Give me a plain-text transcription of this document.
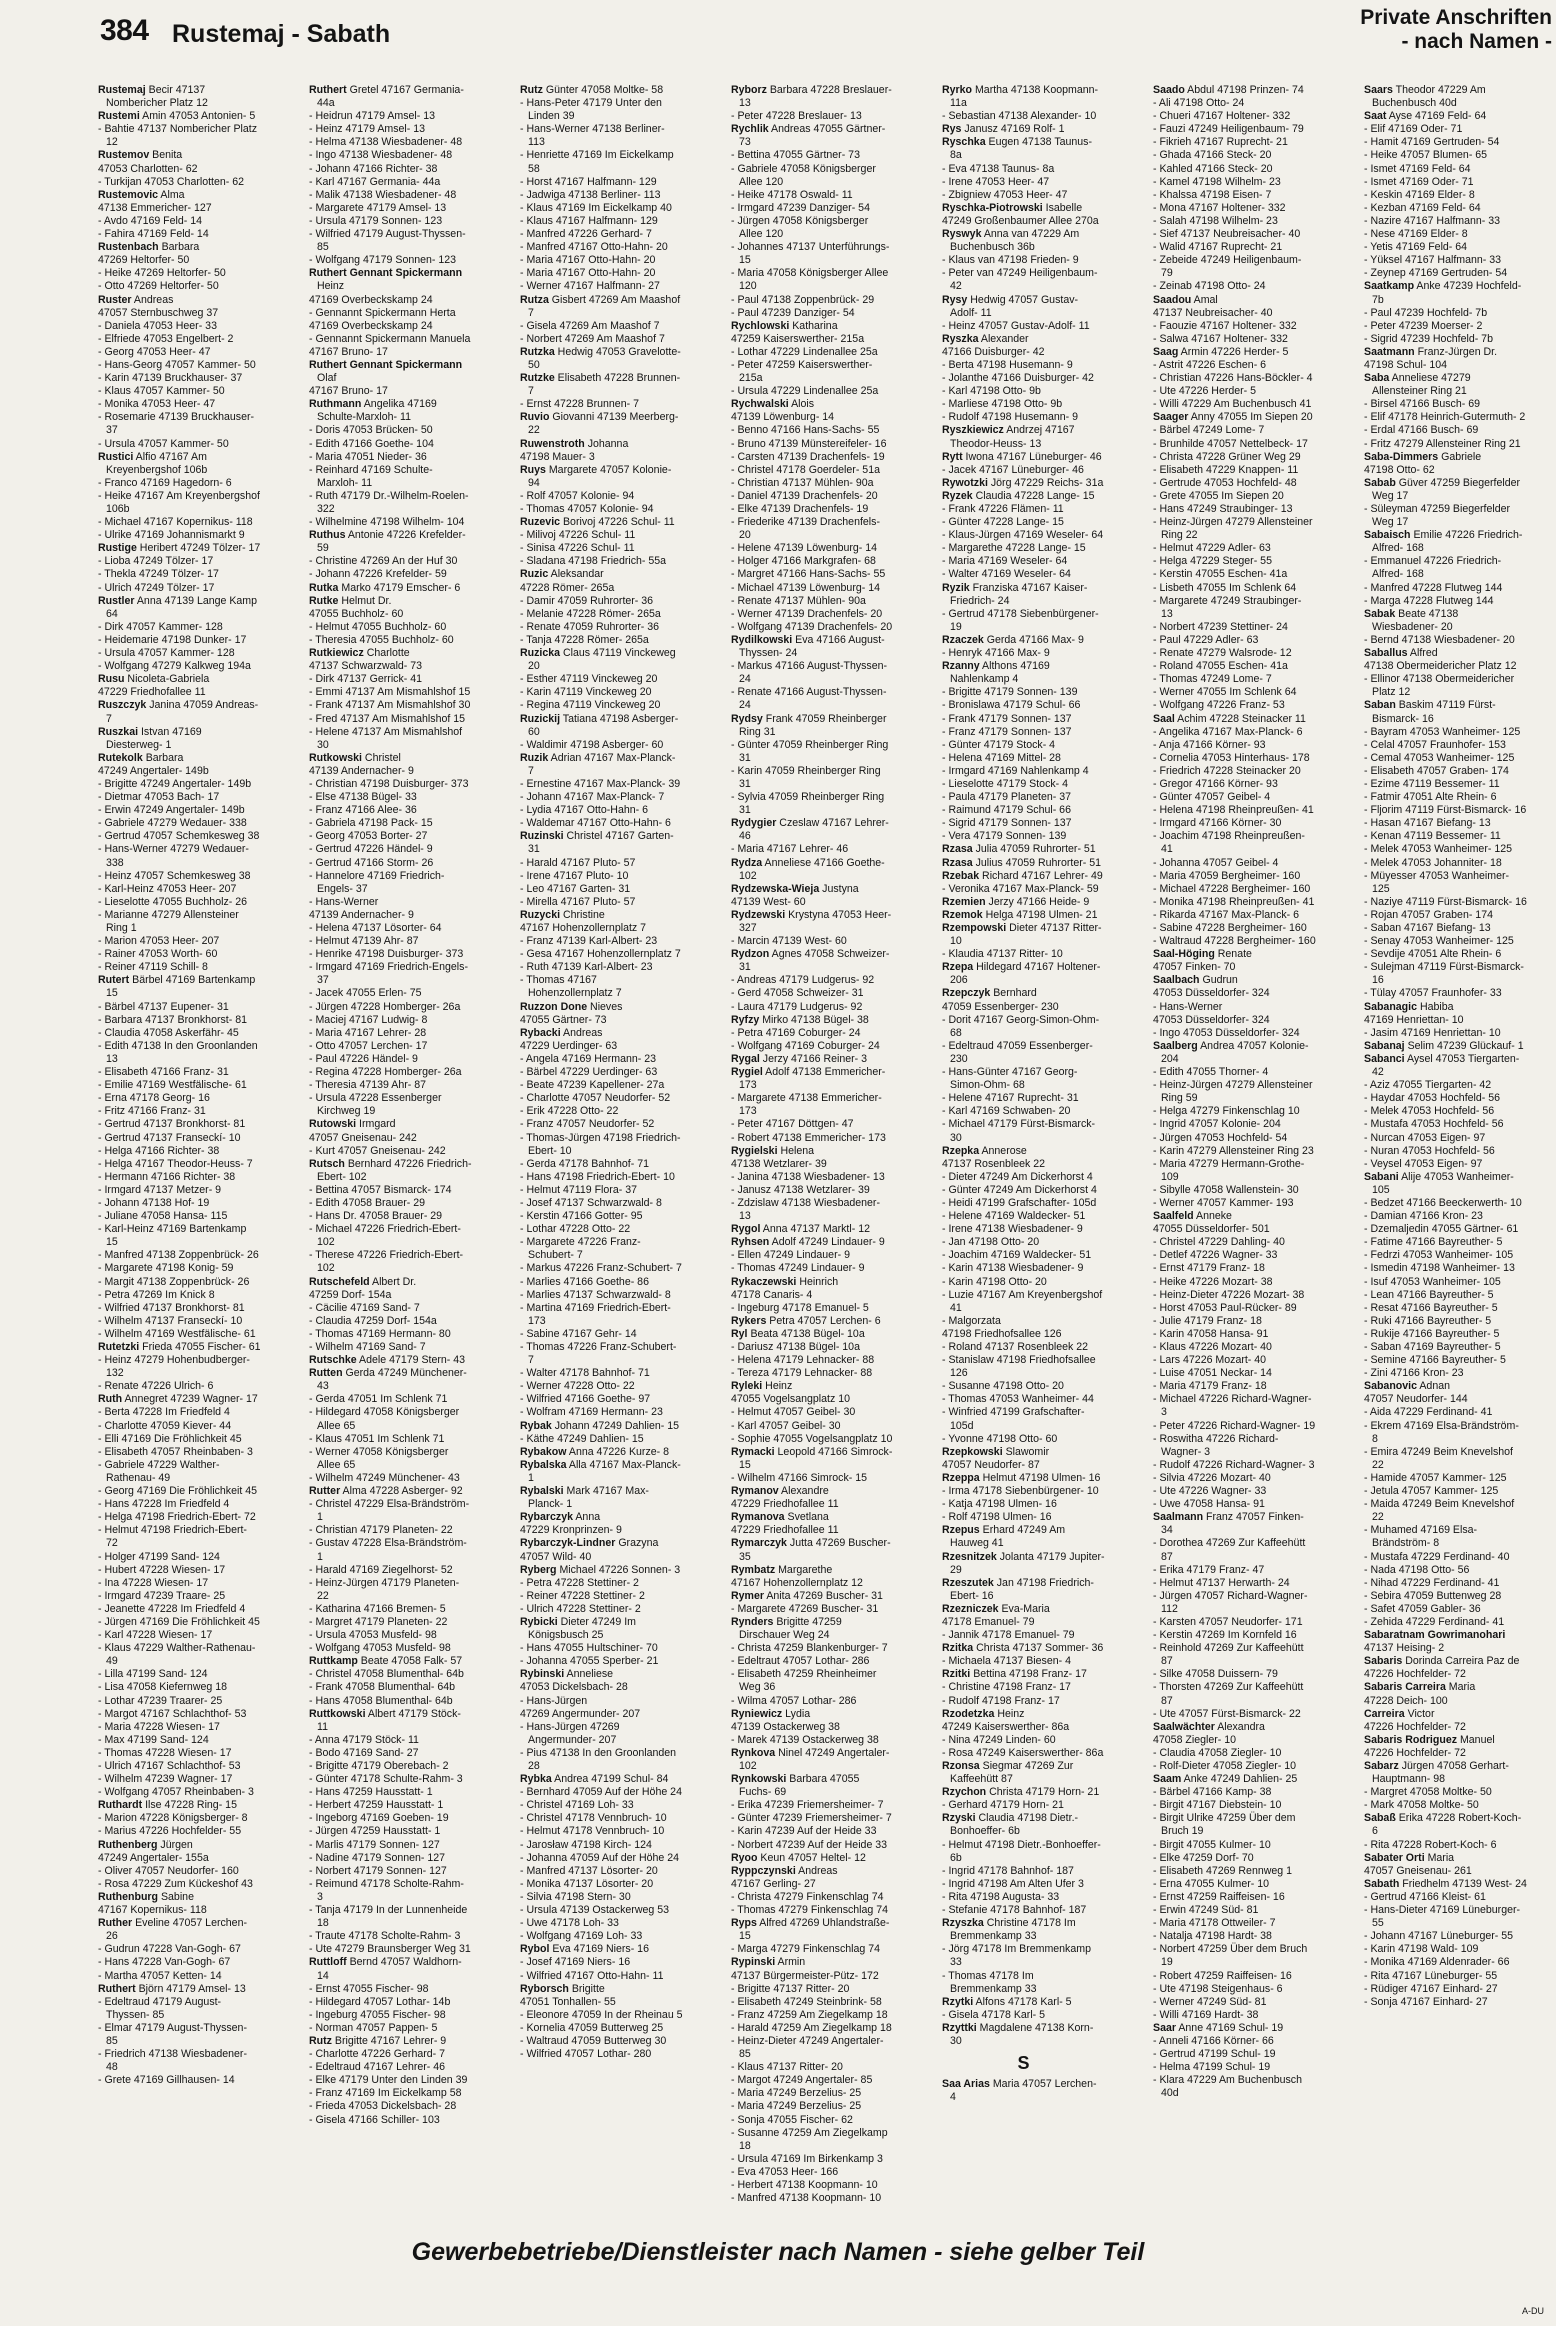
384 Rustemaj - Sabath
Private Anschriften
- nach Namen -

Rustemaj Becir 47137 Nombericher Platz 12

Rustemi Amin 47053 Antonien- 5

- Bahtie 47137 Nombericher Platz 12

Rustemov Benita

47053 Charlotten- 62

- Turkijan 47053 Charlotten- 62

Rustemovic Alma

47138 Emmericher- 127

- Avdo 47169 Feld- 14

- Fahira 47169 Feld- 14

Rustenbach Barbara

47269 Heltorfer- 50

- Heike 47269 Heltorfer- 50

- Otto 47269 Heltorfer- 50

Ruster Andreas

47057 Sternbuschweg 37

- Daniela 47053 Heer- 33

- Elfriede 47053 Engelbert- 2

- Georg 47053 Heer- 47

- Hans-Georg 47057 Kammer- 50

- Karin 47139 Bruckhauser- 37

- Klaus 47057 Kammer- 50

- Monika 47053 Heer- 47

- Rosemarie 47139 Bruckhauser- 37

- Ursula 47057 Kammer- 50

Rustici Alfio 47167 Am Kreyenbergshof 106b

- Franco 47169 Hagedorn- 6

- Heike 47167 Am Kreyenbergshof 106b

- Michael 47167 Kopernikus- 118

- Ulrike 47169 Johannismarkt 9

Rustige Heribert 47249 Tölzer- 17

- Lioba 47249 Tölzer- 17

- Thekla 47249 Tölzer- 17

- Ulrich 47249 Tölzer- 17

Rustler Anna 47139 Lange Kamp 64

- Dirk 47057 Kammer- 128

- Heidemarie 47198 Dunker- 17

- Ursula 47057 Kammer- 128

- Wolfgang 47279 Kalkweg 194a

Rusu Nicoleta-Gabriela

47229 Friedhofallee 11

Ruszczyk Janina 47059 Andreas- 7

Ruszkai Istvan 47169 Diesterweg- 1

Rutekolk Barbara

47249 Angertaler- 149b

- Brigitte 47249 Angertaler- 149b

- Dietmar 47053 Bach- 17

- Erwin 47249 Angertaler- 149b

- Gabriele 47279 Wedauer- 338

- Gertrud 47057 Schemkesweg 38

- Hans-Werner 47279 Wedauer- 338

- Heinz 47057 Schemkesweg 38

- Karl-Heinz 47053 Heer- 207

- Lieselotte 47055 Buchholz- 26

- Marianne 47279 Allensteiner Ring 1

- Marion 47053 Heer- 207

- Rainer 47053 Worth- 60

- Reiner 47119 Schill- 8

Rutert Bärbel 47169 Bartenkamp 15

- Bärbel 47137 Eupener- 31

- Barbara 47137 Bronkhorst- 81

- Claudia 47058 Askerfähr- 45

- Edith 47138 In den Groonlanden 13

- Elisabeth 47166 Franz- 31

- Emilie 47169 Westfälische- 61

- Erna 47178 Georg- 16

- Fritz 47166 Franz- 31

- Gertrud 47137 Bronkhorst- 81

- Gertrud 47137 Franseckí- 10

- Helga 47166 Richter- 38

- Helga 47167 Theodor-Heuss- 7

- Hermann 47166 Richter- 38

- Irmgard 47137 Metzer- 9

- Johann 47138 Hof- 19

- Juliane 47058 Hansa- 115

- Karl-Heinz 47169 Bartenkamp 15

- Manfred 47138 Zoppenbrück- 26

- Margarete 47198 Konig- 59

- Margit 47138 Zoppenbrück- 26

- Petra 47269 Im Knick 8

- Wilfried 47137 Bronkhorst- 81

- Wilhelm 47137 Franseckí- 10

- Wilhelm 47169 Westfälische- 61

Rutetzki Frieda 47055 Fischer- 61

- Heinz 47279 Hohenbudberger- 132

- Renate 47226 Ulrich- 6

Ruth Annegret 47239 Wagner- 17

- Berta 47228 Im Friedfeld 4

- Charlotte 47059 Kiever- 44

- Elli 47169 Die Fröhlichkeit 45

- Elisabeth 47057 Rheinbaben- 3

- Gabriele 47229 Walther-Rathenau- 49

- Georg 47169 Die Fröhlichkeit 45

- Hans 47228 Im Friedfeld 4

- Helga 47198 Friedrich-Ebert- 72

- Helmut 47198 Friedrich-Ebert- 72

- Holger 47199 Sand- 124

- Hubert 47228 Wiesen- 17

- Ina 47228 Wiesen- 17

- Irmgard 47239 Traare- 25

- Jeanette 47228 Im Friedfeld 4

- Jürgen 47169 Die Fröhlichkeit 45

- Karl 47228 Wiesen- 17

- Klaus 47229 Walther-Rathenau- 49

- Lilla 47199 Sand- 124

- Lisa 47058 Kiefernweg 18

- Lothar 47239 Traarer- 25

- Margot 47167 Schlachthof- 53

- Maria 47228 Wiesen- 17

- Max 47199 Sand- 124

- Thomas 47228 Wiesen- 17

- Ulrich 47167 Schlachthof- 53

- Wilhelm 47239 Wagner- 17

- Wolfgang 47057 Rheinbaben- 3

Ruthardt Ilse 47228 Ring- 15

- Marion 47228 Königsberger- 8

- Marius 47226 Hochfelder- 55

Ruthenberg Jürgen

47249 Angertaler- 155a

- Oliver 47057 Neudorfer- 160

- Rosa 47229 Zum Kückeshof 43

Ruthenburg Sabine

47167 Kopernikus- 118

Ruther Eveline 47057 Lerchen- 26

- Gudrun 47228 Van-Gogh- 67

- Hans 47228 Van-Gogh- 67

- Martha 47057 Ketten- 14

Ruthert Björn 47179 Amsel- 13

- Edeltraud 47179 August-Thyssen- 85

- Elmar 47179 August-Thyssen- 85

- Friedrich 47138 Wiesbadener- 48

- Grete 47169 Gillhausen- 14

Ruthert Gretel 47167 Germania- 44a

- Heidrun 47179 Amsel- 13

- Heinz 47179 Amsel- 13

- Helma 47138 Wiesbadener- 48

- Ingo 47138 Wiesbadener- 48

- Johann 47166 Richter- 38

- Karl 47167 Germania- 44a

- Malik 47138 Wiesbadener- 48

- Margarete 47179 Amsel- 13

- Ursula 47179 Sonnen- 123

- Wilfried 47179 August-Thyssen- 85

- Wolfgang 47179 Sonnen- 123

Ruthert Gennant Spickermann Heinz

47169 Overbeckskamp 24

- Gennannt Spickermann Herta

47169 Overbeckskamp 24

- Gennannt Spickermann Manuela

47167 Bruno- 17

Ruthert Gennant Spickermann Olaf

47167 Bruno- 17

Ruthmann Angelika 47169 Schulte-Marxloh- 11

- Doris 47053 Brücken- 50

- Edith 47166 Goethe- 104

- Maria 47051 Nieder- 36

- Reinhard 47169 Schulte-Marxloh- 11

- Ruth 47179 Dr.-Wilhelm-Roelen- 322

- Wilhelmine 47198 Wilhelm- 104

Ruthus Antonie 47226 Krefelder- 59

- Christine 47269 An der Huf 30

- Johann 47226 Krefelder- 59

Rutka Marko 47179 Emscher- 6

Rutke Helmut Dr.

47055 Buchholz- 60

- Helmut 47055 Buchholz- 60

- Theresia 47055 Buchholz- 60

Rutkiewicz Charlotte

47137 Schwarzwald- 73

- Dirk 47137 Gerrick- 41

- Emmi 47137 Am Mismahlshof 15

- Frank 47137 Am Mismahlshof 30

- Fred 47137 Am Mismahlshof 15

- Helene 47137 Am Mismahlshof 30

Rutkowski Christel

47139 Andernacher- 9

- Christian 47198 Duisburger- 373

- Else 47138 Bügel- 33

- Franz 47166 Alee- 36

- Gabriela 47198 Pack- 15

- Georg 47053 Borter- 27

- Gertrud 47226 Händel- 9

- Gertrud 47166 Storm- 26

- Hannelore 47169 Friedrich-Engels- 37

- Hans-Werner

47139 Andernacher- 9

- Helena 47137 Lösorter- 64

- Helmut 47139 Ahr- 87

- Henrike 47198 Duisburger- 373

- Irmgard 47169 Friedrich-Engels- 37

- Jacek 47055 Erlen- 75

- Jürgen 47228 Homberger- 26a

- Maciej 47167 Ludwig- 8

- Maria 47167 Lehrer- 28

- Otto 47057 Lerchen- 17

- Paul 47226 Händel- 9

- Regina 47228 Homberger- 26a

- Theresia 47139 Ahr- 87

- Ursula 47228 Essenberger Kirchweg 19

Rutowski Irmgard

47057 Gneisenau- 242

- Kurt 47057 Gneisenau- 242

Rutsch Bernhard 47226 Friedrich-Ebert- 102

- Bettina 47057 Bismarck- 174

- Edith 47058 Brauer- 29

- Hans Dr. 47058 Brauer- 29

- Michael 47226 Friedrich-Ebert- 102

- Therese 47226 Friedrich-Ebert- 102

Rutschefeld Albert Dr.

47259 Dorf- 154a

- Cäcilie 47169 Sand- 7

- Claudia 47259 Dorf- 154a

- Thomas 47169 Hermann- 80

- Wilhelm 47169 Sand- 7

Rutschke Adele 47179 Stern- 43

Rutten Gerda 47249 Münchener- 43

- Gerda 47051 Im Schlenk 71

- Hildegard 47058 Königsberger Allee 65

- Klaus 47051 Im Schlenk 71

- Werner 47058 Königsberger Allee 65

- Wilhelm 47249 Münchener- 43

Rutter Alma 47228 Asberger- 92

- Christel 47229 Elsa-Brändström- 1

- Christian 47179 Planeten- 22

- Gustav 47228 Elsa-Brändström- 1

- Harald 47169 Ziegelhorst- 52

- Heinz-Jürgen 47179 Planeten- 22

- Katharina 47166 Bremen- 5

- Margret 47179 Planeten- 22

- Ursula 47053 Musfeld- 98

- Wolfgang 47053 Musfeld- 98

Ruttkamp Beate 47058 Falk- 57

- Christel 47058 Blumenthal- 64b

- Frank 47058 Blumenthal- 64b

- Hans 47058 Blumenthal- 64b

Ruttkowski Albert 47179 Stöck- 11

- Anna 47179 Stöck- 11

- Bodo 47169 Sand- 27

- Brigitte 47179 Oberebach- 2

- Günter 47178 Schulte-Rahm- 3

- Hans 47259 Hausstatt- 1

- Herbert 47259 Hausstatt- 1

- Ingeborg 47169 Goeben- 19

- Jürgen 47259 Hausstatt- 1

- Marlis 47179 Sonnen- 127

- Nadine 47179 Sonnen- 127

- Norbert 47179 Sonnen- 127

- Reimund 47178 Scholte-Rahm- 3

- Tanja 47179 In der Lunnenheide 18

- Traute 47178 Scholte-Rahm- 3

- Ute 47279 Braunsberger Weg 31

Ruttloff Bernd 47057 Waldhorn- 14

- Ernst 47055 Fischer- 98

- Hildegard 47057 Lothar- 14b

- Ingeburg 47055 Fischer- 98

- Norman 47057 Pappen- 5

Rutz Brigitte 47167 Lehrer- 9

- Charlotte 47226 Gerhard- 7

- Edeltraud 47167 Lehrer- 46

- Elke 47179 Unter den Linden 39

- Franz 47169 Im Eickelkamp 58

- Frieda 47053 Dickelsbach- 28

- Gisela 47166 Schiller- 103

Rutz Günter 47058 Moltke- 58

- Hans-Peter 47179 Unter den Linden 39

- Hans-Werner 47138 Berliner- 113

- Henriette 47169 Im Eickelkamp 58

- Horst 47167 Halfmann- 129

- Jadwiga 47138 Berliner- 113

- Klaus 47169 Im Eickelkamp 40

- Klaus 47167 Halfmann- 129

- Manfred 47226 Gerhard- 7

- Manfred 47167 Otto-Hahn- 20

- Maria 47167 Otto-Hahn- 20

- Maria 47167 Otto-Hahn- 20

- Werner 47167 Halfmann- 27

Rutza Gisbert 47269 Am Maashof 7

- Gisela 47269 Am Maashof 7

- Norbert 47269 Am Maashof 7

Rutzka Hedwig 47053 Gravelotte- 50

Rutzke Elisabeth 47228 Brunnen- 7

- Ernst 47228 Brunnen- 7

Ruvio Giovanni 47139 Meerberg- 22

Ruwenstroth Johanna

47198 Mauer- 3

Ruys Margarete 47057 Kolonie- 94

- Rolf 47057 Kolonie- 94

- Thomas 47057 Kolonie- 94

Ruzevic Borivoj 47226 Schul- 11

- Milivoj 47226 Schul- 11

- Sinisa 47226 Schul- 11

- Sladana 47198 Friedrich- 55a

Ruzic Aleksandar

47228 Römer- 265a

- Damir 47059 Ruhrorter- 36

- Melanie 47228 Römer- 265a

- Renate 47059 Ruhrorter- 36

- Tanja 47228 Römer- 265a

Ruzicka Claus 47119 Vinckeweg 20

- Esther 47119 Vinckeweg 20

- Karin 47119 Vinckeweg 20

- Regina 47119 Vinckeweg 20

Ruzickij Tatiana 47198 Asberger- 60

- Waldimir 47198 Asberger- 60

Ruzik Adrian 47167 Max-Planck- 7

- Ernestine 47167 Max-Planck- 39

- Johann 47167 Max-Planck- 7

- Lydia 47167 Otto-Hahn- 6

- Waldemar 47167 Otto-Hahn- 6

Ruzinski Christel 47167 Garten- 31

- Harald 47167 Pluto- 57

- Irene 47167 Pluto- 10

- Leo 47167 Garten- 31

- Mirella 47167 Pluto- 57

Ruzycki Christine

47167 Hohenzollernplatz 7

- Franz 47139 Karl-Albert- 23

- Gesa 47167 Hohenzollernplatz 7

- Ruth 47139 Karl-Albert- 23

- Thomas 47167 Hohenzollernplatz 7

Ruzzon Done Nieves

47055 Gärtner- 73

Rybacki Andreas

47229 Uerdinger- 63

- Angela 47169 Hermann- 23

- Bärbel 47229 Uerdinger- 63

- Beate 47239 Kapellener- 27a

- Charlotte 47057 Neudorfer- 52

- Erik 47228 Otto- 22

- Franz 47057 Neudorfer- 52

- Thomas-Jürgen 47198 Friedrich-Ebert- 10

- Gerda 47178 Bahnhof- 71

- Hans 47198 Friedrich-Ebert- 10

- Helmut 47119 Flora- 37

- Josef 47137 Schwarzwald- 8

- Kerstin 47166 Gotter- 95

- Lothar 47228 Otto- 22

- Margarete 47226 Franz-Schubert- 7

- Markus 47226 Franz-Schubert- 7

- Marlies 47166 Goethe- 86

- Marlies 47137 Schwarzwald- 8

- Martina 47169 Friedrich-Ebert- 173

- Sabine 47167 Gehr- 14

- Thomas 47226 Franz-Schubert- 7

- Walter 47178 Bahnhof- 71

- Werner 47228 Otto- 22

- Wilfried 47166 Goethe- 97

- Wolfram 47169 Hermann- 23

Rybak Johann 47249 Dahlien- 15

- Käthe 47249 Dahlien- 15

Rybakow Anna 47226 Kurze- 8

Rybalska Alla 47167 Max-Planck- 1

Rybalski Mark 47167 Max-Planck- 1

Rybarczyk Anna

47229 Kronprinzen- 9

Rybarczyk-Lindner Grazyna

47057 Wild- 40

Ryberg Michael 47226 Sonnen- 3

- Petra 47228 Stettiner- 2

- Reiner 47228 Stettiner- 2

- Ulrich 47228 Stettiner- 2

Rybicki Dieter 47249 Im Königsbusch 25

- Hans 47055 Hultschiner- 70

- Johanna 47055 Sperber- 21

Rybinski Anneliese

47053 Dickelsbach- 28

- Hans-Jürgen

47269 Angermunder- 207

- Hans-Jürgen 47269 Angermunder- 207

- Pius 47138 In den Groonlanden 28

Rybka Andrea 47199 Schul- 84

- Bernhard 47059 Auf der Höhe 24

- Christel 47169 Loh- 33

- Christel 47178 Vennbruch- 10

- Helmut 47178 Vennbruch- 10

- Jarosław 47198 Kirch- 124

- Johanna 47059 Auf der Höhe 24

- Manfred 47137 Lösorter- 20

- Monika 47137 Lösorter- 20

- Silvia 47198 Stern- 30

- Ursula 47139 Ostackerweg 53

- Uwe 47178 Loh- 33

- Wolfgang 47169 Loh- 33

Rybol Eva 47169 Niers- 16

- Josef 47169 Niers- 16

- Wilfried 47167 Otto-Hahn- 11

Ryborsch Brigitte

47051 Tonhallen- 55

- Eleonore 47059 In der Rheinau 5

- Kornelia 47059 Butterweg 25

- Waltraud 47059 Butterweg 30

- Wilfried 47057 Lothar- 280

Ryborz Barbara 47228 Breslauer- 13

- Peter 47228 Breslauer- 13

Rychlik Andreas 47055 Gärtner- 73

- Bettina 47055 Gärtner- 73

- Gabriele 47058 Königsberger Allee 120

- Heike 47178 Oswald- 11

- Irmgard 47239 Danziger- 54

- Jürgen 47058 Königsberger Allee 120

- Johannes 47137 Unterführungs- 15

- Maria 47058 Königsberger Allee 120

- Paul 47138 Zoppenbrück- 29

- Paul 47239 Danziger- 54

Rychlowski Katharina

47259 Kaiserswerther- 215a

- Lothar 47229 Lindenallee 25a

- Peter 47259 Kaiserswerther- 215a

- Ursula 47229 Lindenallee 25a

Rychwalski Alois

47139 Löwenburg- 14

- Benno 47166 Hans-Sachs- 55

- Bruno 47139 Münstereifeler- 16

- Carsten 47139 Drachenfels- 19

- Christel 47178 Goerdeler- 51a

- Christian 47137 Mühlen- 90a

- Daniel 47139 Drachenfels- 20

- Elke 47139 Drachenfels- 19

- Friederike 47139 Drachenfels- 20

- Helene 47139 Löwenburg- 14

- Holger 47166 Markgrafen- 68

- Margret 47166 Hans-Sachs- 55

- Michael 47139 Löwenburg- 14

- Renate 47137 Mühlen- 90a

- Werner 47139 Drachenfels- 20

- Wolfgang 47139 Drachenfels- 20

Rydilkowski Eva 47166 August-Thyssen- 24

- Markus 47166 August-Thyssen- 24

- Renate 47166 August-Thyssen- 24

Rydsy Frank 47059 Rheinberger Ring 31

- Günter 47059 Rheinberger Ring 31

- Karin 47059 Rheinberger Ring 31

- Sylvia 47059 Rheinberger Ring 31

Rydygier Czeslaw 47167 Lehrer- 46

- Maria 47167 Lehrer- 46

Rydza Anneliese 47166 Goethe- 102

Rydzewska-Wieja Justyna

47139 West- 60

Rydzewski Krystyna 47053 Heer- 327

- Marcin 47139 West- 60

Rydzon Agnes 47058 Schweizer- 31

- Andreas 47179 Ludgerus- 92

- Gerd 47058 Schweizer- 31

- Laura 47179 Ludgerus- 92

Ryfzy Mirko 47138 Bügel- 38

- Petra 47169 Coburger- 24

- Wolfgang 47169 Coburger- 24

Rygal Jerzy 47166 Reiner- 3

Rygiel Adolf 47138 Emmericher- 173

- Margarete 47138 Emmericher- 173

- Peter 47167 Döttgen- 47

- Robert 47138 Emmericher- 173

Rygielski Helena

47138 Wetzlarer- 39

- Janina 47138 Wiesbadener- 13

- Janusz 47138 Wetzlarer- 39

- Zdzislaw 47138 Wiesbadener- 13

Rygol Anna 47137 Marktl- 12

Ryhsen Adolf 47249 Lindauer- 9

- Ellen 47249 Lindauer- 9

- Thomas 47249 Lindauer- 9

Rykaczewski Heinrich

47178 Canaris- 4

- Ingeburg 47178 Emanuel- 5

Rykers Petra 47057 Lerchen- 6

Ryl Beata 47138 Bügel- 10a

- Dariusz 47138 Bügel- 10a

- Helena 47179 Lehnacker- 88

- Tereza 47179 Lehnacker- 88

Ryleki Heinz

47055 Vogelsangplatz 10

- Helmut 47057 Geibel- 30

- Karl 47057 Geibel- 30

- Sophie 47055 Vogelsangplatz 10

Rymacki Leopold 47166 Simrock- 15

- Wilhelm 47166 Simrock- 15

Rymanov Alexandre

47229 Friedhofallee 11

Rymanova Svetlana

47229 Friedhofallee 11

Rymarczyk Jutta 47269 Buscher- 35

Rymbatz Margarethe

47167 Hohenzollernplatz 12

Rymer Anita 47269 Buscher- 31

- Margarete 47269 Buscher- 31

Rynders Brigitte 47259 Dirschauer Weg 24

- Christa 47259 Blankenburger- 7

- Edeltraut 47057 Lothar- 286

- Elisabeth 47259 Rheinheimer Weg 36

- Wilma 47057 Lothar- 286

Ryniewicz Lydia

47139 Ostackerweg 38

- Marek 47139 Ostackerweg 38

Rynkova Ninel 47249 Angertaler- 102

Rynkowski Barbara 47055 Fuchs- 69

- Erika 47239 Friemersheimer- 7

- Günter 47239 Friemersheimer- 7

- Karin 47239 Auf der Heide 33

- Norbert 47239 Auf der Heide 33

Ryoo Keun 47057 Heltel- 12

Ryppczynski Andreas

47167 Gerling- 27

- Christa 47279 Finkenschlag 74

- Thomas 47279 Finkenschlag 74

Ryps Alfred 47269 Uhlandstraße- 15

- Marga 47279 Finkenschlag 74

Rypinski Armin

47137 Bürgermeister-Pütz- 172

- Brigitte 47137 Ritter- 20

- Elisabeth 47249 Steinbrink- 58

- Franz 47259 Am Ziegelkamp 18

- Harald 47259 Am Ziegelkamp 18

- Heinz-Dieter 47249 Angertaler- 85

- Klaus 47137 Ritter- 20

- Margot 47249 Angertaler- 85

- Maria 47249 Berzelius- 25

- Maria 47249 Berzelius- 25

- Sonja 47055 Fischer- 62

- Susanne 47259 Am Ziegelkamp 18

- Ursula 47169 Im Birkenkamp 3

- Eva 47053 Heer- 166

- Herbert 47138 Koopmann- 10

- Manfred 47138 Koopmann- 10

Ryrko Martha 47138 Koopmann- 11a

- Sebastian 47138 Alexander- 10

Rys Janusz 47169 Rolf- 1

Ryschka Eugen 47138 Taunus- 8a

- Eva 47138 Taunus- 8a

- Irene 47053 Heer- 47

- Zbigniew 47053 Heer- 47

Ryschka-Piotrowski Isabelle

47249 Großenbaumer Allee 270a

Ryswyk Anna van 47229 Am Buchenbusch 36b

- Klaus van 47198 Frieden- 9

- Peter van 47249 Heiligenbaum- 42

Rysy Hedwig 47057 Gustav-Adolf- 11

- Heinz 47057 Gustav-Adolf- 11

Ryszka Alexander

47166 Duisburger- 42

- Berta 47198 Husemann- 9

- Jolanthe 47166 Duisburger- 42

- Karl 47198 Otto- 9b

- Marliese 47198 Otto- 9b

- Rudolf 47198 Husemann- 9

Ryszkiewicz Andrzej 47167 Theodor-Heuss- 13

Rytt Iwona 47167 Lüneburger- 46

- Jacek 47167 Lüneburger- 46

Rywotzki Jörg 47229 Reichs- 31a

Ryzek Claudia 47228 Lange- 15

- Frank 47226 Flämen- 11

- Günter 47228 Lange- 15

- Klaus-Jürgen 47169 Weseler- 64

- Margarethe 47228 Lange- 15

- Maria 47169 Weseler- 64

- Walter 47169 Weseler- 64

Ryzik Franziska 47167 Kaiser-Friedrich- 24

- Gertrud 47178 Siebenbürgener- 19

Rzaczek Gerda 47166 Max- 9

- Henryk 47166 Max- 9

Rzanny Althons 47169 Nahlenkamp 4

- Brigitte 47179 Sonnen- 139

- Bronislawa 47179 Schul- 66

- Frank 47179 Sonnen- 137

- Franz 47179 Sonnen- 137

- Günter 47179 Stock- 4

- Helena 47169 Mittel- 28

- Irmgard 47169 Nahlenkamp 4

- Lieselotte 47179 Stock- 4

- Paula 47179 Planeten- 37

- Raimund 47179 Schul- 66

- Sigrid 47179 Sonnen- 137

- Vera 47179 Sonnen- 139

Rzasa Julia 47059 Ruhrorter- 51

Rzasa Julius 47059 Ruhrorter- 51

Rzebak Richard 47167 Lehrer- 49

- Veronika 47167 Max-Planck- 59

Rzemien Jerzy 47166 Heide- 9

Rzemok Helga 47198 Ulmen- 21

Rzempowski Dieter 47137 Ritter- 10

- Klaudia 47137 Ritter- 10

Rzepa Hildegard 47167 Holtener- 206

Rzepczyk Bernhard

47059 Essenberger- 230

- Dorit 47167 Georg-Simon-Ohm- 68

- Edeltraud 47059 Essenberger- 230

- Hans-Günter 47167 Georg-Simon-Ohm- 68

- Helene 47167 Ruprecht- 31

- Karl 47169 Schwaben- 20

- Michael 47179 Fürst-Bismarck- 30

Rzepka Annerose

47137 Rosenbleek 22

- Dieter 47249 Am Dickerhorst 4

- Günter 47249 Am Dickerhorst 4

- Heidi 47199 Grafschafter- 105d

- Helene 47169 Waldecker- 51

- Irene 47138 Wiesbadener- 9

- Jan 47198 Otto- 20

- Joachim 47169 Waldecker- 51

- Karin 47138 Wiesbadener- 9

- Karin 47198 Otto- 20

- Luzie 47167 Am Kreyenbergshof 41

- Malgorzata

47198 Friedhofsallee 126

- Roland 47137 Rosenbleek 22

- Stanislaw 47198 Friedhofsallee 126

- Susanne 47198 Otto- 20

- Thomas 47053 Wanheimer- 44

- Winfried 47199 Grafschafter- 105d

- Yvonne 47198 Otto- 60

Rzepkowski Slawomir

47057 Neudorfer- 87

Rzeppa Helmut 47198 Ulmen- 16

- Irma 47178 Siebenbürgener- 10

- Katja 47198 Ulmen- 16

- Rolf 47198 Ulmen- 16

Rzepus Erhard 47249 Am Hauweg 41

Rzesnitzek Jolanta 47179 Jupiter- 29

Rzeszutek Jan 47198 Friedrich-Ebert- 16

Rzezniczek Eva-Maria

47178 Emanuel- 79

- Jannik 47178 Emanuel- 79

Rzitka Christa 47137 Sommer- 36

- Michaela 47137 Biesen- 4

Rzitki Bettina 47198 Franz- 17

- Christine 47198 Franz- 17

- Rudolf 47198 Franz- 17

Rzodetzka Heinz

47249 Kaiserswerther- 86a

- Nina 47249 Linden- 60

- Rosa 47249 Kaiserswerther- 86a

Rzonsa Siegmar 47269 Zur Kaffeehütt 87

Rzychon Christa 47179 Horn- 21

- Gerhard 47179 Horn- 21

Rzyski Claudia 47198 Dietr.-Bonhoeffer- 6b

- Helmut 47198 Dietr.-Bonhoeffer- 6b

- Ingrid 47178 Bahnhof- 187

- Ingrid 47198 Am Alten Ufer 3

- Rita 47198 Augusta- 33

- Stefanie 47178 Bahnhof- 187

Rzyszka Christine 47178 Im Bremmenkamp 33

- Jörg 47178 Im Bremmenkamp 33

- Thomas 47178 Im Bremmenkamp 33

Rzytki Alfons 47178 Karl- 5

- Gisela 47178 Karl- 5

Rzyttki Magdalene 47138 Korn- 30

S

Saa Arias Maria 47057 Lerchen- 4

Saado Abdul 47198 Prinzen- 74

- Ali 47198 Otto- 24

- Chueri 47167 Holtener- 332

- Fauzi 47249 Heiligenbaum- 79

- Fikrieh 47167 Ruprecht- 21

- Ghada 47166 Steck- 20

- Kahled 47166 Steck- 20

- Kamel 47198 Wilhelm- 23

- Khalssa 47198 Eisen- 7

- Mona 47167 Holtener- 332

- Salah 47198 Wilhelm- 23

- Sief 47137 Neubreisacher- 40

- Walid 47167 Ruprecht- 21

- Zebeide 47249 Heiligenbaum- 79

- Zeinab 47198 Otto- 24

Saadou Amal

47137 Neubreisacher- 40

- Faouzie 47167 Holtener- 332

- Salwa 47167 Holtener- 332

Saag Armin 47226 Herder- 5

- Astrit 47226 Eschen- 6

- Christian 47226 Hans-Böckler- 4

- Ute 47226 Herder- 5

- Willi 47229 Am Buchenbusch 41

Saager Anny 47055 Im Siepen 20

- Bärbel 47249 Lome- 7

- Brunhilde 47057 Nettelbeck- 17

- Christa 47228 Grüner Weg 29

- Elisabeth 47229 Knappen- 11

- Gertrude 47053 Hochfeld- 48

- Grete 47055 Im Siepen 20

- Hans 47249 Straubinger- 13

- Heinz-Jürgen 47279 Allensteiner Ring 22

- Helmut 47229 Adler- 63

- Helga 47229 Steger- 55

- Kerstin 47055 Eschen- 41a

- Lisbeth 47055 Im Schlenk 64

- Margarete 47249 Straubinger- 13

- Norbert 47239 Stettiner- 24

- Paul 47229 Adler- 63

- Renate 47279 Walsrode- 12

- Roland 47055 Eschen- 41a

- Thomas 47249 Lome- 7

- Werner 47055 Im Schlenk 64

- Wolfgang 47226 Franz- 53

Saal Achim 47228 Steinacker 11

- Angelika 47167 Max-Planck- 6

- Anja 47166 Körner- 93

- Cornelia 47053 Hinterhaus- 178

- Friedrich 47228 Steinacker 20

- Gregor 47166 Körner- 93

- Günter 47057 Geibel- 4

- Helena 47198 Rheinpreußen- 41

- Irmgard 47166 Körner- 30

- Joachim 47198 Rheinpreußen- 41

- Johanna 47057 Geibel- 4

- Maria 47059 Bergheimer- 160

- Michael 47228 Bergheimer- 160

- Monika 47198 Rheinpreußen- 41

- Rikarda 47167 Max-Planck- 6

- Sabine 47228 Bergheimer- 160

- Waltraud 47228 Bergheimer- 160

Saal-Höging Renate

47057 Finken- 70

Saalbach Gudrun

47053 Düsseldorfer- 324

- Hans-Werner

47053 Düsseldorfer- 324

- Ingo 47053 Düsseldorfer- 324

Saalberg Andrea 47057 Kolonie- 204

- Edith 47055 Thorner- 4

- Heinz-Jürgen 47279 Allensteiner Ring 59

- Helga 47279 Finkenschlag 10

- Ingrid 47057 Kolonie- 204

- Jürgen 47053 Hochfeld- 54

- Karin 47279 Allensteiner Ring 23

- Maria 47279 Hermann-Grothe- 109

- Sibylle 47058 Wallenstein- 30

- Werner 47057 Kammer- 193

Saalfeld Anneke

47055 Düsseldorfer- 501

- Christel 47229 Dahling- 40

- Detlef 47226 Wagner- 33

- Ernst 47179 Franz- 18

- Heike 47226 Mozart- 38

- Heinz-Dieter 47226 Mozart- 38

- Horst 47053 Paul-Rücker- 89

- Julie 47179 Franz- 18

- Karin 47058 Hansa- 91

- Klaus 47226 Mozart- 40

- Lars 47226 Mozart- 40

- Luise 47051 Neckar- 14

- Maria 47179 Franz- 18

- Michael 47226 Richard-Wagner- 3

- Peter 47226 Richard-Wagner- 19

- Roswitha 47226 Richard-Wagner- 3

- Rudolf 47226 Richard-Wagner- 3

- Silvia 47226 Mozart- 40

- Ute 47226 Wagner- 33

- Uwe 47058 Hansa- 91

Saalmann Franz 47057 Finken- 34

- Dorothea 47269 Zur Kaffeehütt 87

- Erika 47179 Franz- 47

- Helmut 47137 Herwarth- 24

- Jürgen 47057 Richard-Wagner- 112

- Karsten 47057 Neudorfer- 171

- Kerstin 47269 Im Kornfeld 16

- Reinhold 47269 Zur Kaffeehütt 87

- Silke 47058 Duissern- 79

- Thorsten 47269 Zur Kaffeehütt 87

- Ute 47057 Fürst-Bismarck- 22

Saalwächter Alexandra

47058 Ziegler- 10

- Claudia 47058 Ziegler- 10

- Rolf-Dieter 47058 Ziegler- 10

Saam Anke 47249 Dahlien- 25

- Bärbel 47166 Kamp- 38

- Birgit 47167 Diebstein- 10

- Birgit Ulrike 47259 Über dem Bruch 19

- Birgit 47055 Kulmer- 10

- Elke 47259 Dorf- 70

- Elisabeth 47269 Rennweg 1

- Erna 47055 Kulmer- 10

- Ernst 47259 Raiffeisen- 16

- Erwin 47249 Süd- 81

- Maria 47178 Ottweiler- 7

- Natalja 47198 Hardt- 38

- Norbert 47259 Über dem Bruch 19

- Robert 47259 Raiffeisen- 16

- Ute 47198 Steigenhaus- 6

- Werner 47249 Süd- 81

- Willi 47169 Hardt- 38

Saar Anne 47169 Schul- 19

- Anneli 47166 Körner- 66

- Gertrud 47199 Schul- 19

- Helma 47199 Schul- 19

- Klara 47229 Am Buchenbusch 40d

Saars Theodor 47229 Am Buchenbusch 40d

Saat Ayse 47169 Feld- 64

- Elif 47169 Oder- 71

- Hamit 47169 Gertruden- 54

- Heike 47057 Blumen- 65

- Ismet 47169 Feld- 64

- Ismet 47169 Oder- 71

- Keskin 47169 Elder- 8

- Kezban 47169 Feld- 64

- Nazire 47167 Halfmann- 33

- Nese 47169 Elder- 8

- Yetis 47169 Feld- 64

- Yüksel 47167 Halfmann- 33

- Zeynep 47169 Gertruden- 54

Saatkamp Anke 47239 Hochfeld- 7b

- Paul 47239 Hochfeld- 7b

- Peter 47239 Moerser- 2

- Sigrid 47239 Hochfeld- 7b

Saatmann Franz-Jürgen Dr.

47198 Schul- 104

Saba Anneliese 47279 Allensteiner Ring 21

- Birsel 47166 Busch- 69

- Elif 47178 Heinrich-Gutermuth- 2

- Erdal 47166 Busch- 69

- Fritz 47279 Allensteiner Ring 21

Saba-Dimmers Gabriele

47198 Otto- 62

Sabab Güver 47259 Biegerfelder Weg 17

- Süleyman 47259 Biegerfelder Weg 17

Sabaisch Emilie 47226 Friedrich-Alfred- 168

- Emmanuel 47226 Friedrich-Alfred- 168

- Manfred 47228 Flutweg 144

- Marga 47228 Flutweg 144

Sabak Beate 47138 Wiesbadener- 20

- Bernd 47138 Wiesbadener- 20

Saballus Alfred

47138 Obermeidericher Platz 12

- Ellinor 47138 Obermeidericher Platz 12

Saban Baskim 47119 Fürst-Bismarck- 16

- Bayram 47053 Wanheimer- 125

- Celal 47057 Fraunhofer- 153

- Cemal 47053 Wanheimer- 125

- Elisabeth 47057 Graben- 174

- Ezime 47119 Bessemer- 11

- Fatmir 47051 Alte Rhein- 6

- Fljorim 47119 Fürst-Bismarck- 16

- Hasan 47167 Biefang- 13

- Kenan 47119 Bessemer- 11

- Melek 47053 Wanheimer- 125

- Melek 47053 Johanniter- 18

- Müyesser 47053 Wanheimer- 125

- Naziye 47119 Fürst-Bismarck- 16

- Rojan 47057 Graben- 174

- Saban 47167 Biefang- 13

- Senay 47053 Wanheimer- 125

- Sevdije 47051 Alte Rhein- 6

- Sulejman 47119 Fürst-Bismarck- 16

- Tülay 47057 Fraunhofer- 33

Sabanagic Habiba

47169 Henriettan- 10

- Jasim 47169 Henriettan- 10

Sabanaj Selim 47239 Glückauf- 1

Sabanci Aysel 47053 Tiergarten- 42

- Aziz 47055 Tiergarten- 42

- Haydar 47053 Hochfeld- 56

- Melek 47053 Hochfeld- 56

- Mustafa 47053 Hochfeld- 56

- Nurcan 47053 Eigen- 97

- Nuran 47053 Hochfeld- 56

- Veysel 47053 Eigen- 97

Sabani Alije 47053 Wanheimer- 105

- Bedzet 47166 Beeckerwerth- 10

- Damian 47166 Kron- 23

- Dzemaljedin 47055 Gärtner- 61

- Fatime 47166 Bayreuther- 5

- Fedrzi 47053 Wanheimer- 105

- Ismedin 47198 Wanheimer- 13

- Isuf 47053 Wanheimer- 105

- Lean 47166 Bayreuther- 5

- Resat 47166 Bayreuther- 5

- Ruki 47166 Bayreuther- 5

- Rukije 47166 Bayreuther- 5

- Saban 47169 Bayreuther- 5

- Semine 47166 Bayreuther- 5

- Zini 47166 Kron- 23

Sabanovic Adnan

47057 Neudorfer- 144

- Aida 47229 Ferdinand- 41

- Ekrem 47169 Elsa-Brändström- 8

- Emira 47249 Beim Knevelshof 22

- Hamide 47057 Kammer- 125

- Jetula 47057 Kammer- 125

- Maida 47249 Beim Knevelshof 22

- Muhamed 47169 Elsa-Brändström- 8

- Mustafa 47229 Ferdinand- 40

- Nada 47198 Otto- 56

- Nihad 47229 Ferdinand- 41

- Sebira 47059 Buttenweg 28

- Safet 47059 Gabler- 36

- Zehida 47229 Ferdinand- 41

Sabaratnam Gowrimanohari

47137 Heising- 2

Sabaris Dorinda Carreira Paz de

47226 Hochfelder- 72

Sabaris Carreira Maria

47228 Deich- 100

Carreira Victor

47226 Hochfelder- 72

Sabaris Rodriguez Manuel

47226 Hochfelder- 72

Sabarz Jürgen 47058 Gerhart-Hauptmann- 98

- Margret 47058 Moltke- 50

- Mark 47058 Moltke- 50

Sabaß Erika 47228 Robert-Koch- 6

- Rita 47228 Robert-Koch- 6

Sabater Orti Maria

47057 Gneisenau- 261

Sabath Friedhelm 47139 West- 24

- Gertrud 47166 Kleist- 61

- Hans-Dieter 47169 Lüneburger- 55

- Johann 47167 Lüneburger- 55

- Karin 47198 Wald- 109

- Monika 47169 Aldenrader- 66

- Rita 47167 Lüneburger- 55

- Rüdiger 47167 Einhard- 27

- Sonja 47167 Einhard- 27

Gewerbebetriebe/Dienstleister nach Namen - siehe gelber Teil
A-DU
